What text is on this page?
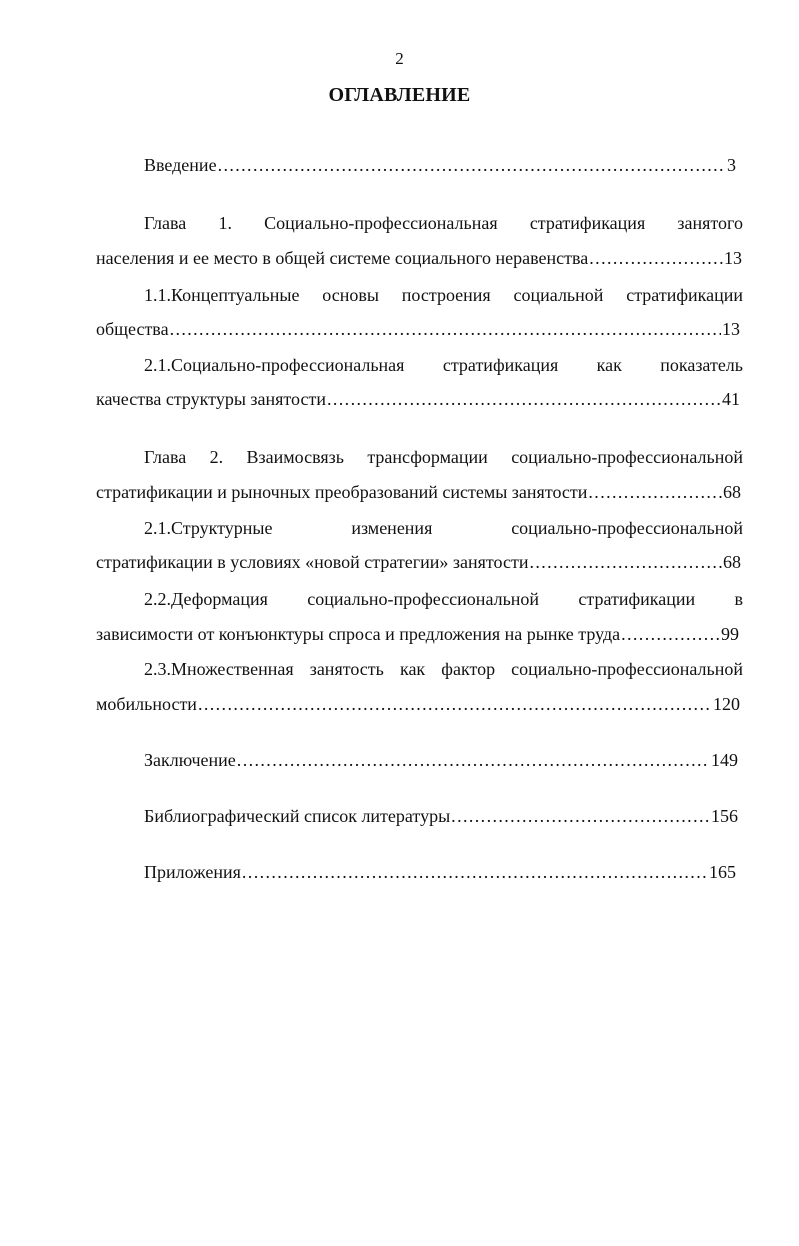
2
ОГЛАВЛЕНИЕ
Введение .....	3
Глава 1. Социально-профессиональная стратификация занятого
населения и ее место в общей системе социального неравенства .....	13
1.1.Концептуальные основы построения социальной стратификации
общества .....	13
2.1.Социально-профессиональная стратификация как показатель
качества структуры занятости .....	41
Глава 2. Взаимосвязь трансформации социально-профессиональной
стратификации и рыночных преобразований системы занятости .....	68
2.1.Структурные изменения социально-профессиональной
стратификации в условиях «новой стратегии» занятости .....	68
2.2.Деформация социально-профессиональной стратификации в
зависимости от конъюнктуры спроса и предложения на рынке труда .....	99
2.3.Множественная занятость как фактор социально-профессиональной
мобильности .....	120
Заключение .....	149
Библиографический список литературы .....	156
Приложения .....	165
